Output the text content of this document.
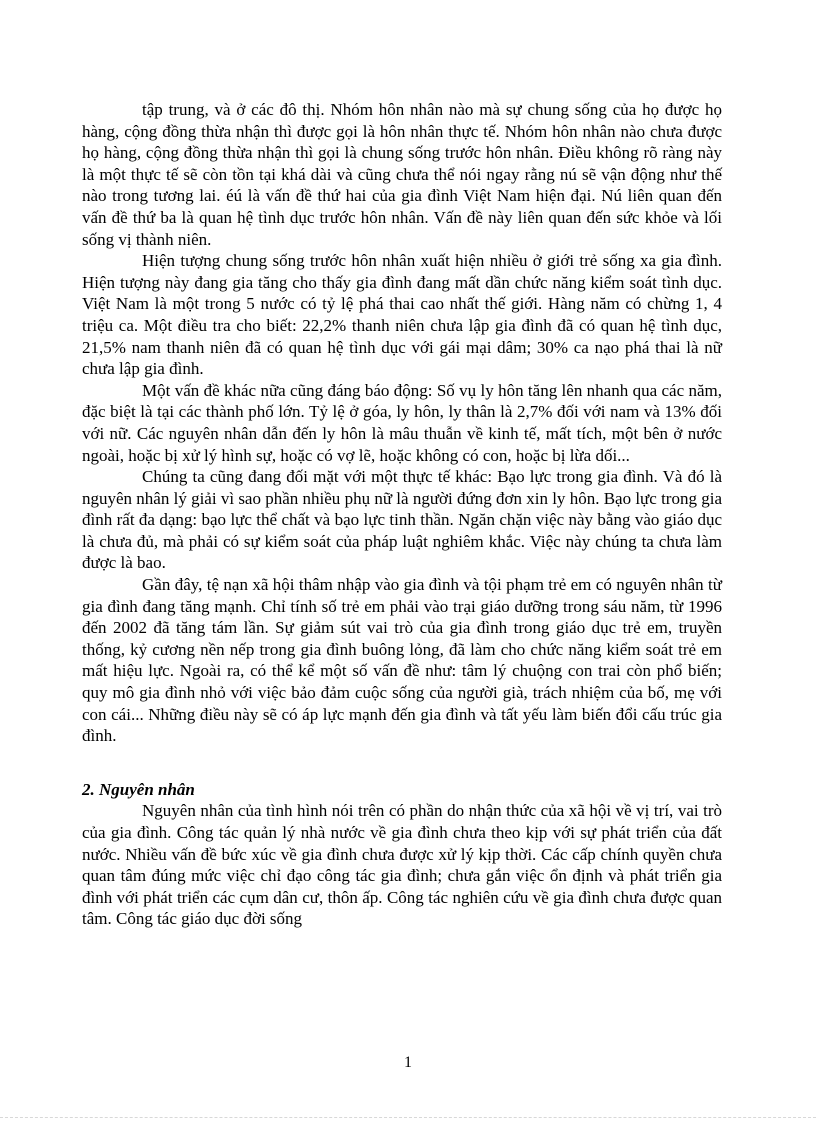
tập trung, và ở các đô thị. Nhóm hôn nhân nào mà sự chung sống của họ được họ hàng, cộng đồng thừa nhận thì được gọi là hôn nhân thực tế. Nhóm hôn nhân nào chưa được họ hàng, cộng đồng thừa nhận thì gọi là chung sống trước hôn nhân. Điều không rõ ràng này là một thực tế sẽ còn tồn tại khá dài và cũng chưa thể nói ngay rằng nú sẽ vận động như thế nào trong tương lai. éú là vấn đề thứ hai của gia đình Việt Nam hiện đại. Nú liên quan đến vấn đề thứ ba là quan hệ tình dục trước hôn nhân. Vấn đề này liên quan đến sức khỏe và lối sống vị thành niên.

Hiện tượng chung sống trước hôn nhân xuất hiện nhiều ở giới trẻ sống xa gia đình. Hiện tượng này đang gia tăng cho thấy gia đình đang mất dần chức năng kiểm soát tình dục. Việt Nam là một trong 5 nước có tỷ lệ phá thai cao nhất thế giới. Hàng năm có chừng 1, 4 triệu ca. Một điều tra cho biết: 22,2% thanh niên chưa lập gia đình đã có quan hệ tình dục, 21,5% nam thanh niên đã có quan hệ tình dục với gái mại dâm; 30% ca nạo phá thai là nữ chưa lập gia đình.

Một vấn đề khác nữa cũng đáng báo động: Số vụ ly hôn tăng lên nhanh qua các năm, đặc biệt là tại các thành phố lớn. Tỷ lệ ở góa, ly hôn, ly thân là 2,7% đối với nam và 13% đối với nữ. Các nguyên nhân dẫn đến ly hôn là mâu thuẫn về kinh tế, mất tích, một bên ở nước ngoài, hoặc bị xử lý hình sự, hoặc có vợ lẽ, hoặc không có con, hoặc bị lừa dối...

Chúng ta cũng đang đối mặt với một thực tế khác: Bạo lực trong gia đình. Và đó là nguyên nhân lý giải vì sao phần nhiều phụ nữ là người đứng đơn xin ly hôn. Bạo lực trong gia đình rất đa dạng: bạo lực thể chất và bạo lực tinh thần. Ngăn chặn việc này bằng vào giáo dục là chưa đủ, mà phải có sự kiểm soát của pháp luật nghiêm khắc. Việc này chúng ta chưa làm được là bao.

Gần đây, tệ nạn xã hội thâm nhập vào gia đình và tội phạm trẻ em có nguyên nhân từ gia đình đang tăng mạnh. Chỉ tính số trẻ em phải vào trại giáo dưỡng trong sáu năm, từ 1996 đến 2002 đã tăng tám lần. Sự giảm sút vai trò của gia đình trong giáo dục trẻ em, truyền thống, kỷ cương nền nếp trong gia đình buông lỏng, đã làm cho chức năng kiểm soát trẻ em mất hiệu lực. Ngoài ra, có thể kể một số vấn đề như: tâm lý chuộng con trai còn phổ biến; quy mô gia đình nhỏ với việc bảo đảm cuộc sống của người già, trách nhiệm của bố, mẹ với con cái... Những điều này sẽ có áp lực mạnh đến gia đình và tất yếu làm biến đổi cấu trúc gia đình.

2. Nguyên nhân

Nguyên nhân của tình hình nói trên có phần do nhận thức của xã hội về vị trí, vai trò của gia đình. Công tác quản lý nhà nước về gia đình chưa theo kịp với sự phát triển của đất nước. Nhiều vấn đề bức xúc về gia đình chưa được xử lý kịp thời. Các cấp chính quyền chưa quan tâm đúng mức việc chỉ đạo công tác gia đình; chưa gắn việc ổn định và phát triển gia đình với phát triển các cụm dân cư, thôn ấp. Công tác nghiên cứu về gia đình chưa được quan tâm. Công tác giáo dục đời sống

1
